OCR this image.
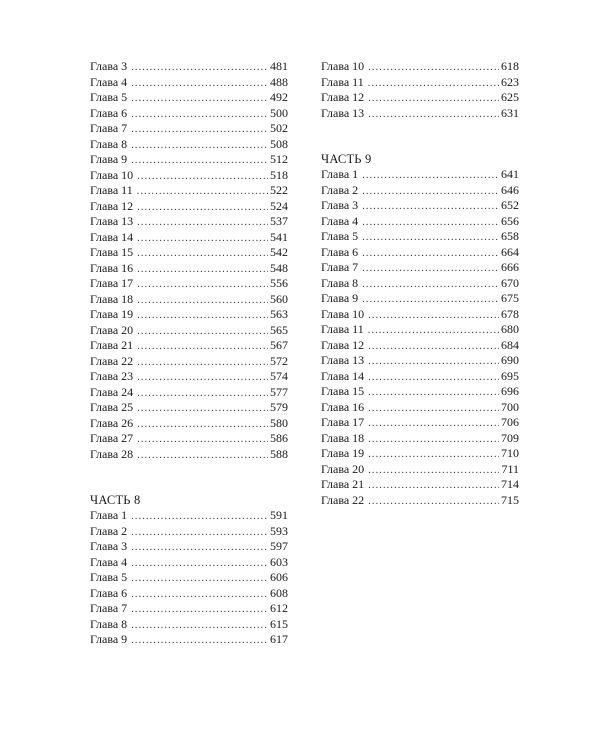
Глава 3 .....	481
Глава 4 .....	488
Глава 5 .....	492
Глава 6 .....	500
Глава 7 .....	502
Глава 8 .....	508
Глава 9 .....	512
Глава 10 .....	518
Глава 11 .....	522
Глава 12 .....	524
Глава 13 .....	537
Глава 14 .....	541
Глава 15 .....	542
Глава 16 .....	548
Глава 17 .....	556
Глава 18 .....	560
Глава 19 .....	563
Глава 20 .....	565
Глава 21 .....	567
Глава 22 .....	572
Глава 23 .....	574
Глава 24 .....	577
Глава 25 .....	579
Глава 26 .....	580
Глава 27 .....	586
Глава 28 .....	588
ЧАСТЬ 8
Глава 1 .....	591
Глава 2 .....	593
Глава 3 .....	597
Глава 4 .....	603
Глава 5 .....	606
Глава 6 .....	608
Глава 7 .....	612
Глава 8 .....	615
Глава 9 .....	617
Глава 10 .....	618
Глава 11 .....	623
Глава 12 .....	625
Глава 13 .....	631
ЧАСТЬ 9
Глава 1 .....	641
Глава 2 .....	646
Глава 3 .....	652
Глава 4 .....	656
Глава 5 .....	658
Глава 6 .....	664
Глава 7 .....	666
Глава 8 .....	670
Глава 9 .....	675
Глава 10 .....	678
Глава 11 .....	680
Глава 12 .....	684
Глава 13 .....	690
Глава 14 .....	695
Глава 15 .....	696
Глава 16 .....	700
Глава 17 .....	706
Глава 18 .....	709
Глава 19 .....	710
Глава 20 .....	711
Глава 21 .....	714
Глава 22 .....	715
